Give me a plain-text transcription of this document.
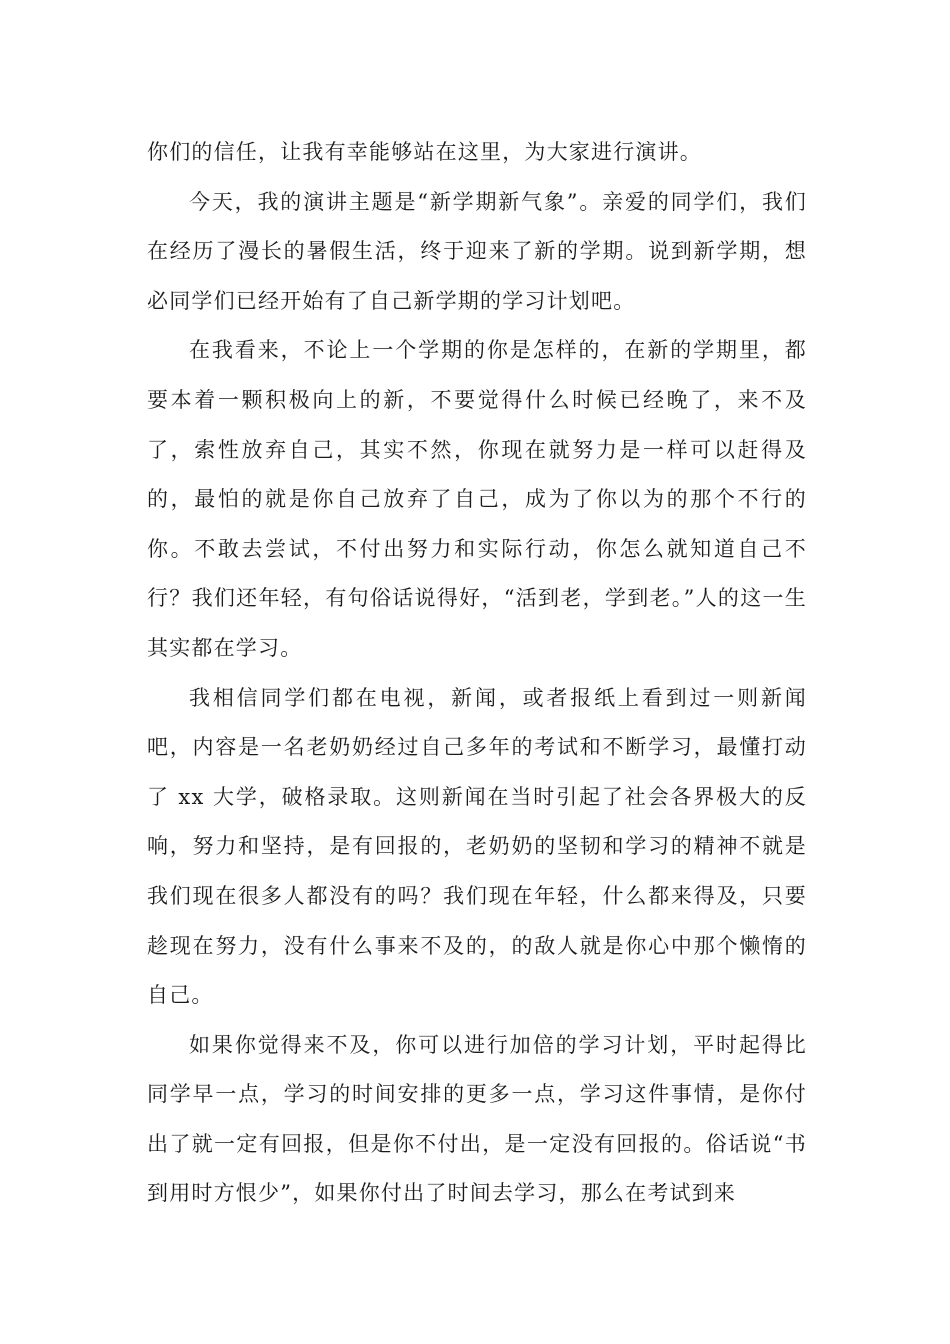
你们的信任，让我有幸能够站在这里，为大家进行演讲。

今天，我的演讲主题是“新学期新气象”。亲爱的同学们，我们在经历了漫长的暑假生活，终于迎来了新的学期。说到新学期，想必同学们已经开始有了自己新学期的学习计划吧。

在我看来，不论上一个学期的你是怎样的，在新的学期里，都要本着一颗积极向上的新，不要觉得什么时候已经晚了，来不及了，索性放弃自己，其实不然，你现在就努力是一样可以赶得及的，最怕的就是你自己放弃了自己，成为了你以为的那个不行的你。不敢去尝试，不付出努力和实际行动，你怎么就知道自己不行？我们还年轻，有句俗话说得好，“活到老，学到老。”人的这一生其实都在学习。

我相信同学们都在电视，新闻，或者报纸上看到过一则新闻吧，内容是一名老奶奶经过自己多年的考试和不断学习，最懂打动了 xx 大学，破格录取。这则新闻在当时引起了社会各界极大的反响，努力和坚持，是有回报的，老奶奶的坚韧和学习的精神不就是我们现在很多人都没有的吗？我们现在年轻，什么都来得及，只要趁现在努力，没有什么事来不及的，的敌人就是你心中那个懒惰的自己。

如果你觉得来不及，你可以进行加倍的学习计划，平时起得比同学早一点，学习的时间安排的更多一点，学习这件事情，是你付出了就一定有回报，但是你不付出，是一定没有回报的。俗话说“书到用时方恨少”，如果你付出了时间去学习，那么在考试到来
